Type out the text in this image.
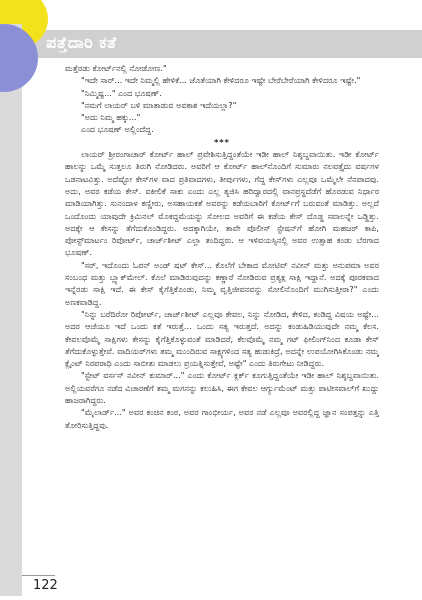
ಪತ್ತೆದಾರಿ ಕತೆ

ಮತ್ತೆರಡು ಕೋರ್ಟ್‌ನಲ್ಲಿ ನೋಡೋಣ."

"ಇದೇ ಸಾರ್... ಇದೇ ನಿಮ್ಮಲ್ಲಿ ಹೇಳಿಕೆ... ಜೊತೆಯಾಗಿ ಕೇಳಿದರೂ ಇಷ್ಟೇ ಬೇರೆಬೇರೆಯಾಗಿ ಕೇಳಿದರೂ ಇಷ್ಟೇ."

"ನಿಮ್ಮಿಷ್ಟ..." ಎಂದ ಭೂಷಣ್.

"ನಮಗೆ ಲಾಯರ್ ಬಳಿ ಮಾತಾಡುವ ಅವಕಾಶ ಇದೆಯಲ್ಲಾ?"

"ಅದು ನಿಮ್ಮ ಹಕ್ಕು..."

ಎಂದ ಭೂಷಣ್ ಅಲ್ಲಿಂದೆದ್ದ.

***

ಲಾಯರ್ ಶ್ರೀರಂಗಾಚಾರ್ ಕೋರ್ಟ್ ಹಾಲ್ ಪ್ರವೇಶಿಸುತ್ತಿದ್ದಂತೆಯೇ ಇಡೀ ಹಾಲ್ ನಿಶ್ಶಬ್ದವಾಯಿತು. ಇಡೀ ಕೋರ್ಟ್ ಹಾಲನ್ನು ಒಮ್ಮೆ ಸುತ್ತಲೂ ತಿರುಗಿ ನೋಡಿದರು. ಅವರಿಗೆ ಆ ಕೋರ್ಟ್ ಹಾಲ್‌ನೊಂದಿಗೆ ಸುಮಾರು ನಲವತ್ತೈದು ವರ್ಷಗಳ ಒಡನಾಟವಿತ್ತು. ಅದೆಷ್ಟೋ ಕೇಸ್‌ಗಳ ವಾದ ಪ್ರತಿವಾದಗಳು, ತೀರ್ಪುಗಳು, ಗೆದ್ದ ಕೇಸ್‌ಗಳು ಎಲ್ಲವೂ ಒಮ್ಮೆಲೇ ನೆನಪಾದವು. ಅದು, ಅವರ ಕಡೆಯ ಕೇಸ್. ವಕೀಲಿಕೆ ಸಾಕು ಎಂದು ಎಲ್ಲ ತ್ಯಜಿಸಿ ಹರಿದ್ವಾರದಲ್ಲಿ ವಾನಪ್ರಸ್ಥದೆಡೆಗೆ ಹೊರಡುವ ನಿರ್ಧಾರ ಮಾಡಿಯಾಗಿತ್ತು. ಸುನಂದಾಳ ಕಣ್ಣೀರು, ಅಸಹಾಯಕತೆ ಅವರನ್ನು ಕಡೆಯಬಾರಿಗೆ ಕೋರ್ಟ್‌ಗೆ ಬರುವಂತೆ ಮಾಡಿತ್ತು. ಅಲ್ಲದೆ ಒಂದೊಂದು ಯಾವುದೇ ಕ್ರಿಮಿನಲ್ ಮೊಕದ್ದಮೆಯನ್ನು ಸೋಲದ ಅವರಿಗೆ ಈ ಕಡೆಯ ಕೇಸ್ ದೊಡ್ಡ ಸವಾಲನ್ನೇ ಒಡ್ಡಿತ್ತು. ಅದಕ್ಕೇ ಆ ಕೇಸನ್ನು ತೆಗೆದುಕೊಂಡಿದ್ದರು. ಅದಕ್ಕಾಗಿಯೇ, ತಾವೇ ಪೊಲೀಸ್ ಸ್ಟೇಷನ್‌ಗೆ ಹೋಗಿ ಮಹಜರ್ ಕಾಪಿ, ಪೋಸ್ಟ್‌ಮಾರ್ಟಂ ರಿಪೋರ್ಟ್, ಚಾರ್ಜ್‌ಶೀಟ್ ಎಲ್ಲಾ ತಂದಿದ್ದರು. ಆ ಇಳಿವಯಸ್ಸಿನಲ್ಲಿ ಅವರ ಉತ್ಸಾಹ ಕಂಡು ಬೆರಗಾದ ಭೂಷಣ್.

"ಸರ್, ಇದೊಂದು ಓಪನ್ ಅಂಡ್ ಷಟ್ ಕೇಸ್... ಕೊಲೆಗೆ ಬೇಕಾದ ಮೋಟಿವ್ ನವೀನ್ ಮತ್ತು ಅನುಪಮಾ ಅವರ ಸಂಬಂಧ ಮತ್ತು ಬ್ಲ್ಯಾಕ್‌ಮೇಲ್. ಕೊಲೆ ಮಾಡಿರುವುದನ್ನು ಕಣ್ಣಾರೆ ನೋಡಿರುವ ಪ್ರತ್ಯಕ್ಷ ಸಾಕ್ಷಿ ಇದ್ದಾನೆ. ಅದಕ್ಕೆ ಪೂರಕವಾದ ಇನ್ನೆರಡು ಸಾಕ್ಷಿ ಇದೆ. ಈ ಕೇಸ್ ಕೈಗೆತ್ತಿಕೊಂಡು, ನಿಮ್ಮ ವೃತ್ತಿಜೀವನವನ್ನು ಸೋಲಿನೊಂದಿಗೆ ಮುಗಿಸುತ್ತೀರಾ?" ಎಂದು ಅಣಕವಾಡಿದ್ದ.

"ನಿನ್ನು ಬರೆದಿರೋ ರಿಪೋರ್ಟ್, ಚಾರ್ಜ್‌ಶೀಟ್ ಎಲ್ಲವೂ ಕೇವಲ, ನಿನ್ನು ನೋಡಿದ, ಕೇಳಿದ, ಕಂಡಿದ್ದ ವಿಷಯ ಅಷ್ಟೇ... ಅದರ ಆಚೆಯೂ ಇದೆ ಒಂದು ಕತೆ ಇರುತ್ತೆ... ಒಂದು ಸತ್ಯ ಇರುತ್ತದೆ. ಅದನ್ನು ಕಂಡುಹಿಡಿಯುವುದೇ ನಮ್ಮ ಕೆಲಸ. ಕೇವಲವೊಮ್ಮೆ ಸಾಕ್ಷಿಗಳು ಕೇಸನ್ನು ಕೈಗೆತ್ತಿಕೊಳ್ಳುವಂತೆ ಮಾಡಿದರೆ, ಕೆಲವೊಮ್ಮೆ ನಮ್ಮ ಗಟ್ ಫೀಲಿಂಗ್‌ನಿಂದ ಕೂಡಾ ಕೇಸ್ ತೆಗೆದುಕೊಳ್ಳುತ್ತೇವೆ. ವಾದಿಯರ್‌ಗಳು ತಮ್ಮ ಮುಂದಿರುವ ಸಾಕ್ಷ್ಯಗಳಿಂದ ಸತ್ಯ ಹುಡುಕಿದ್ರೆ, ಅದನ್ನೇ ಉಪಯೋಗಿಸಿಕೊಂಡು ನಮ್ಮ ಕ್ಲೈಂಟ್ ನಿರಪರಾಧಿ ಎಂದು ಸಾಬೀತು ಮಾಡಲು ಪ್ರಯತ್ನಿಸುತ್ತೇವೆ, ಅಷ್ಟೇ" ಎಂದು ತಿರುಗೇಟು ನೀಡಿದ್ದರು.

"ಸ್ಟೇಟ್ ವರ್ಸಸ್ ನವೀನ್ ಕುಮಾರ್..." ಎಂದು ಕೋರ್ಟ್ ಕ್ಲರ್ಕ್ ಕೂಗುತ್ತಿದ್ದಂತೆಯೇ ಇಡೀ ಹಾಲ್ ನಿಶ್ಶಬ್ದವಾಯಿತು. ಅಲ್ಲಿಯವರೆಗೂ ನಡೆದ ವಿಚಾರಣೆಗೆ ತಮ್ಮ ಮಗನನ್ನು ಕಲುಹಿಸಿ, ಈಗ ಕೇವಲ ಆರ್ಗ್ಯುಮೆಂಟ್ ಮತ್ತು ಪಾಟೀಸವಾಲ್‌ಗೆ ಖುದ್ದು ಹಾಜರಾಗಿದ್ದರು.

"ಮೈಲಾರ್ಡ್..." ಅವರ ಕಂಚಿನ ಕಂಠ, ಅವರ ಗಾಂಭೀರ್ಯ, ಅವರ ನಡೆ ಎಲ್ಲವೂ ಅವರಲ್ಲಿದ್ದ ಜ್ಞಾನ ಸಂಪತ್ತನ್ನು ಎತ್ತಿ ತೋರಿಸುತ್ತಿದ್ದವು.

122
